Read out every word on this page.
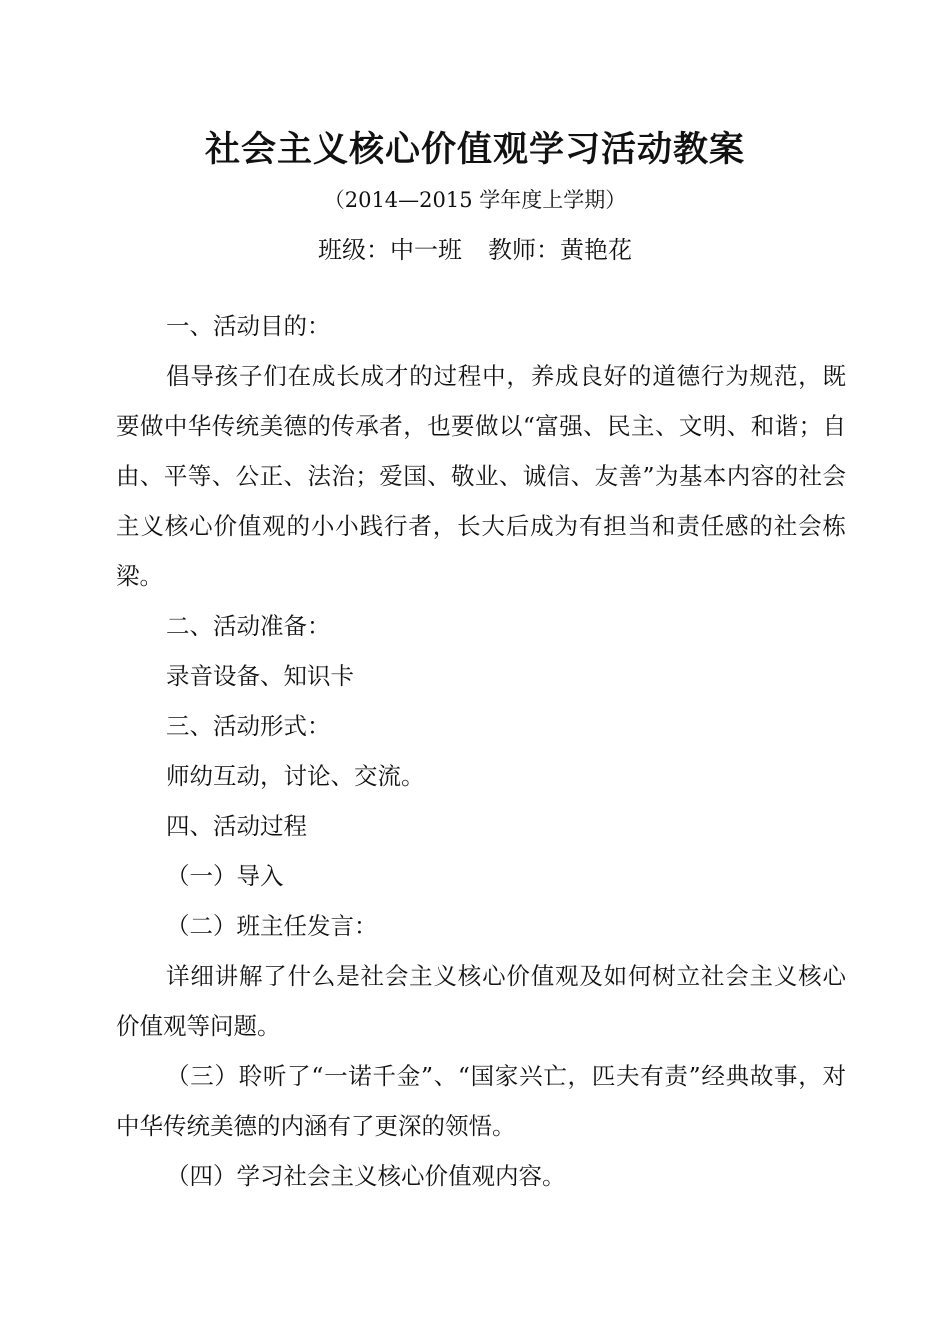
社会主义核心价值观学习活动教案
（2014—2015 学年度上学期）
班级：中一班 教师：黄艳花

一、活动目的：

倡导孩子们在成长成才的过程中，养成良好的道德行为规范，既要做中华传统美德的传承者，也要做以“富强、民主、文明、和谐；自由、平等、公正、法治；爱国、敬业、诚信、友善”为基本内容的社会主义核心价值观的小小践行者，长大后成为有担当和责任感的社会栋梁。

二、活动准备：

录音设备、知识卡

三、活动形式：

师幼互动，讨论、交流。

四、活动过程

（一）导入

（二）班主任发言：

详细讲解了什么是社会主义核心价值观及如何树立社会主义核心价值观等问题。

（三）聆听了“一诺千金”、“国家兴亡，匹夫有责”经典故事，对中华传统美德的内涵有了更深的领悟。

（四）学习社会主义核心价值观内容。
